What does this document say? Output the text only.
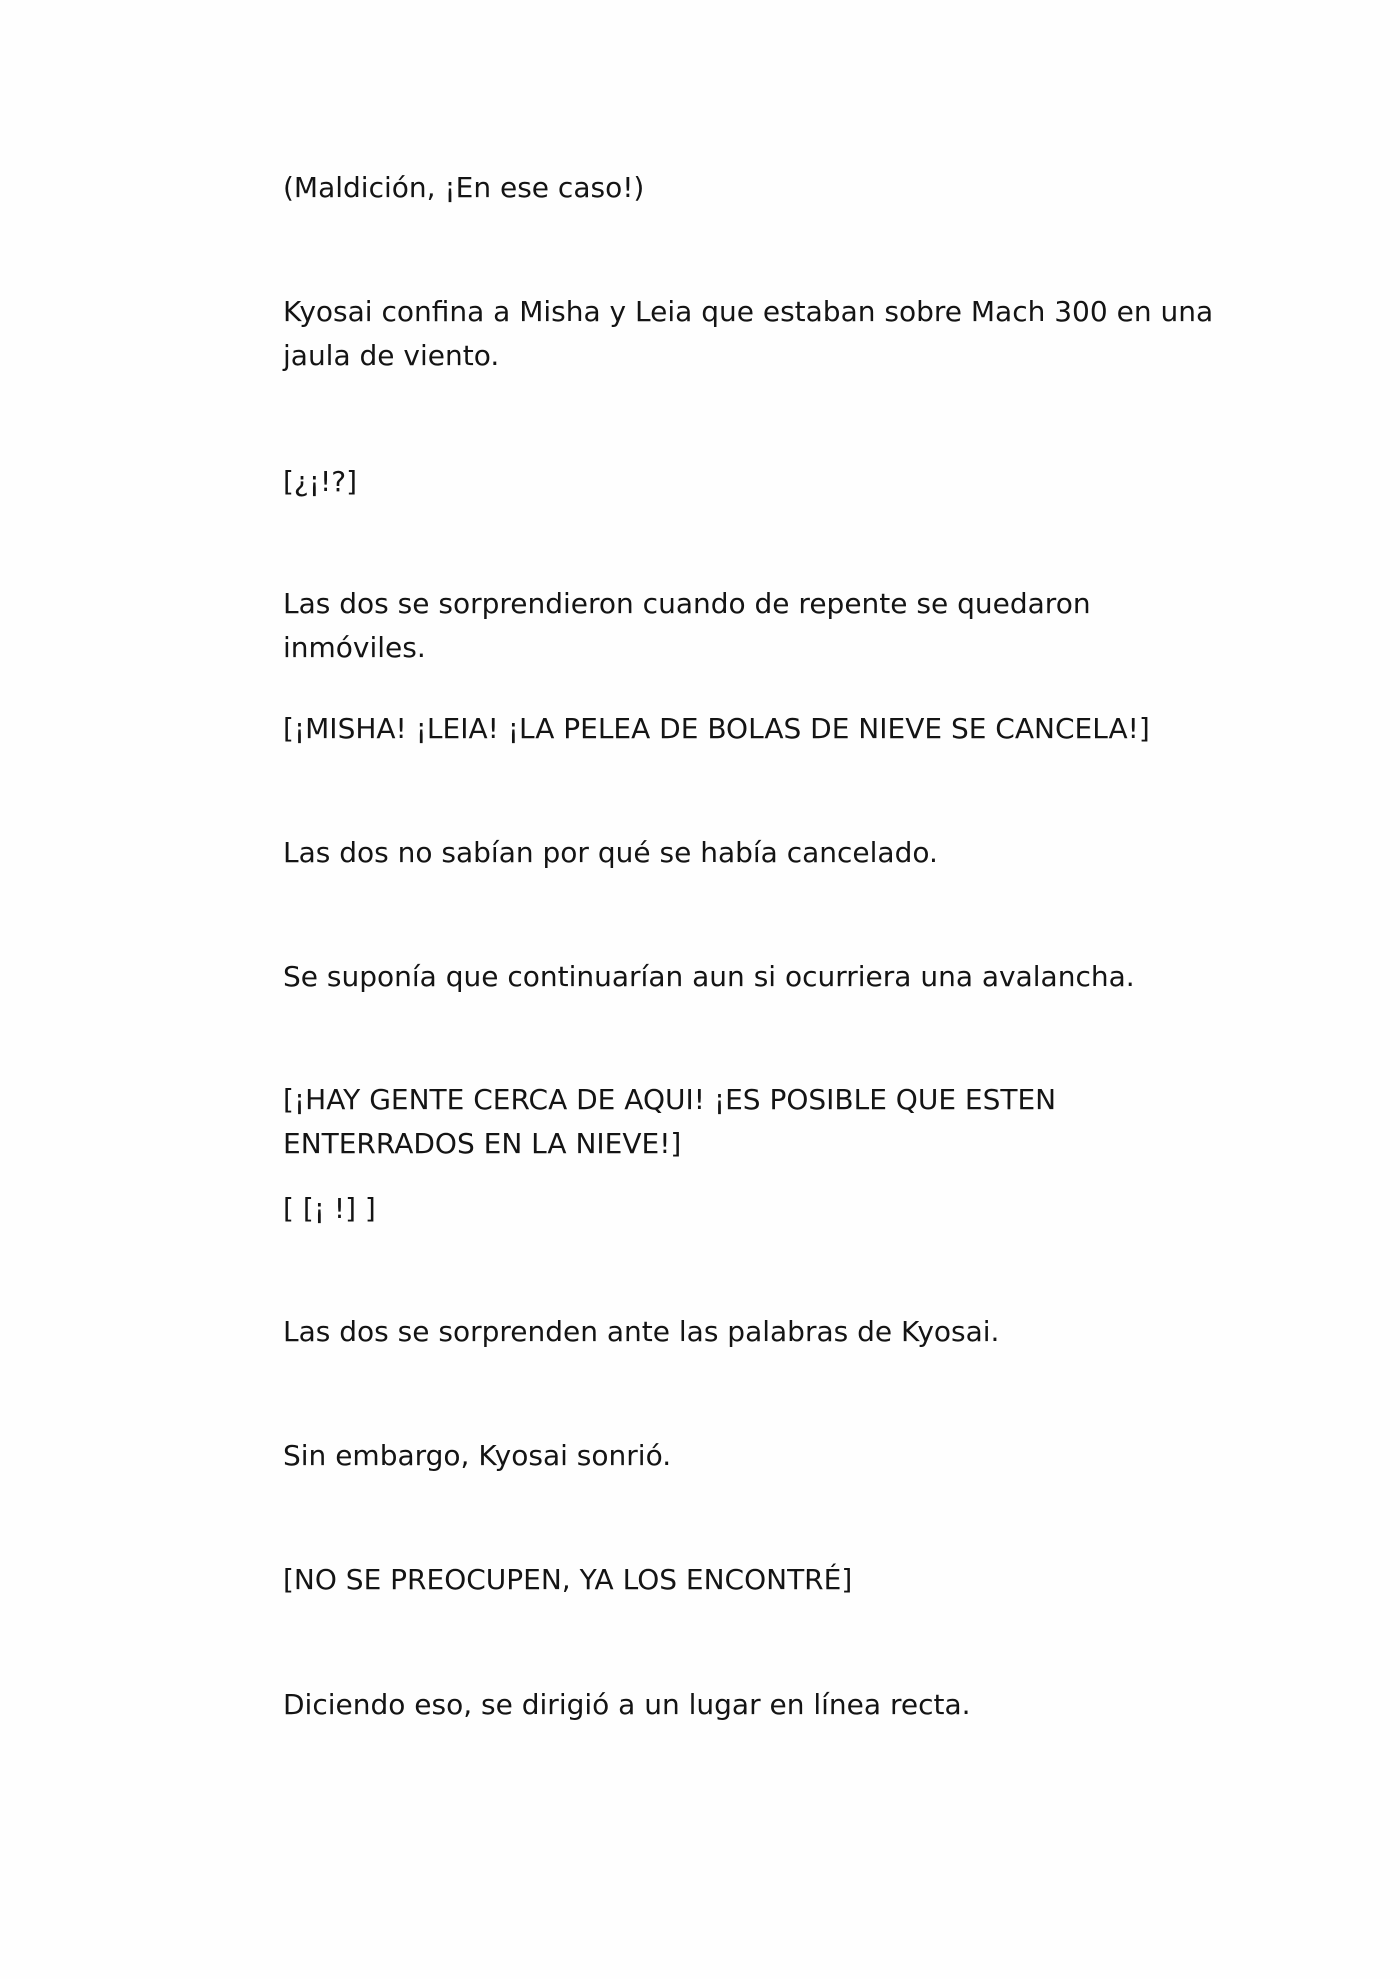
(Maldición, ¡En ese caso!)

Kyosai confina a Misha y Leia que estaban sobre Mach 300 en una jaula de viento.

[¿¡!?]

Las dos se sorprendieron cuando de repente se quedaron inmóviles.

[¡MISHA! ¡LEIA! ¡LA PELEA DE BOLAS DE NIEVE SE CANCELA!]

Las dos no sabían por qué se había cancelado.

Se suponía que continuarían aun si ocurriera una avalancha.

[¡HAY GENTE CERCA DE AQUI! ¡ES POSIBLE QUE ESTEN ENTERRADOS EN LA NIEVE!]

[ [¡ !] ]

Las dos se sorprenden ante las palabras de Kyosai.

Sin embargo, Kyosai sonrió.

[NO SE PREOCUPEN, YA LOS ENCONTRÉ]

Diciendo eso, se dirigió a un lugar en línea recta.
